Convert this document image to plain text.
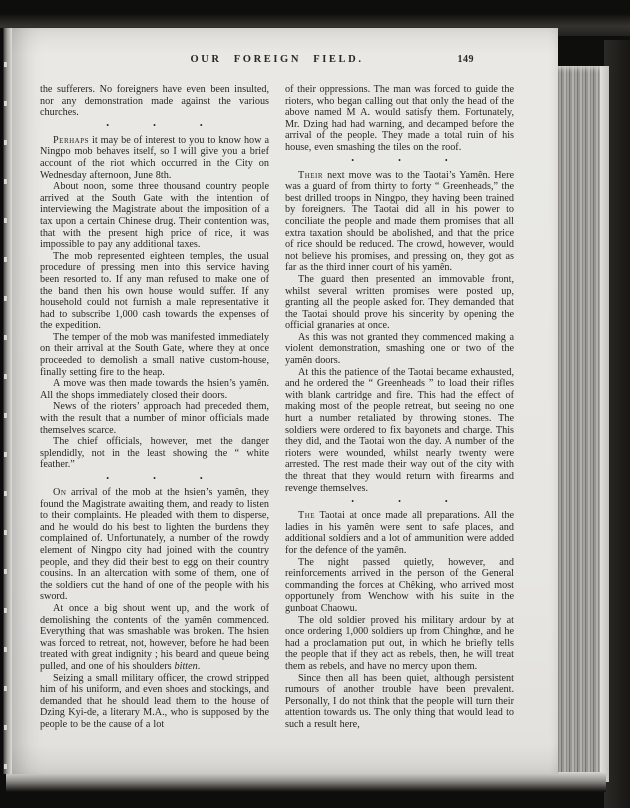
OUR FOREIGN FIELD.	149

the sufferers. No foreigners have even been insulted, nor any demonstration made against the various churches.

•	•	•

Perhaps it may be of interest to you to know how a Ningpo mob behaves itself, so I will give you a brief account of the riot which occurred in the City on Wednesday afternoon, June 8th.

About noon, some three thousand country people arrived at the South Gate with the intention of interviewing the Magistrate about the imposition of a tax upon a certain Chinese drug. Their contention was, that with the present high price of rice, it was impossible to pay any additional taxes.

The mob represented eighteen temples, the usual procedure of pressing men into this service having been resorted to. If any man refused to make one of the band then his own house would suffer. If any household could not furnish a male representative it had to subscribe 1,000 cash towards the expenses of the expedition.

The temper of the mob was manifested immediately on their arrival at the South Gate, where they at once proceeded to demolish a small native custom-house, finally setting fire to the heap.

A move was then made towards the hsien’s yamên. All the shops immediately closed their doors.

News of the rioters’ approach had preceded them, with the result that a number of minor officials made themselves scarce.

The chief officials, however, met the danger splendidly, not in the least showing the “ white feather.”

•	•	•

On arrival of the mob at the hsien’s yamên, they found the Magistrate awaiting them, and ready to listen to their complaints. He pleaded with them to disperse, and he would do his best to lighten the burdens they complained of. Unfortunately, a number of the rowdy element of Ningpo city had joined with the country people, and they did their best to egg on their country cousins. In an altercation with some of them, one of the soldiers cut the hand of one of the people with his sword.

At once a big shout went up, and the work of demolishing the contents of the yamên commenced. Everything that was smashable was broken. The hsien was forced to retreat, not, however, before he had been treated with great indignity ; his beard and queue being pulled, and one of his shoulders bitten.

Seizing a small military officer, the crowd stripped him of his uniform, and even shoes and stockings, and demanded that he should lead them to the house of Dzing Kyi-de, a literary M.A., who is supposed by the people to be the cause of a lot

of their oppressions. The man was forced to guide the rioters, who began calling out that only the head of the above named M A. would satisfy them. Fortunately, Mr. Dzing had had warning, and decamped before the arrival of the people. They made a total ruin of his house, even smashing the tiles on the roof.

•	•	•

Their next move was to the Taotai’s Yamên. Here was a guard of from thirty to forty “ Greenheads,” the best drilled troops in Ningpo, they having been trained by foreigners. The Taotai did all in his power to conciliate the people and made them promises that all extra taxation should be abolished, and that the price of rice should be reduced. The crowd, however, would not believe his promises, and pressing on, they got as far as the third inner court of his yamên.

The guard then presented an immovable front, whilst several written promises were posted up, granting all the people asked for. They demanded that the Taotai should prove his sincerity by opening the official granaries at once.

As this was not granted they commenced making a violent demonstration, smashing one or two of the yamên doors.

At this the patience of the Taotai became exhausted, and he ordered the “ Greenheads ” to load their rifles with blank cartridge and fire. This had the effect of making most of the people retreat, but seeing no one hurt a number retaliated by throwing stones. The soldiers were ordered to fix bayonets and charge. This they did, and the Taotai won the day. A number of the rioters were wounded, whilst nearly twenty were arrested. The rest made their way out of the city with the threat that they would return with firearms and revenge themselves.

•	•	•

The Taotai at once made all preparations. All the ladies in his yamên were sent to safe places, and additional soldiers and a lot of ammunition were added for the defence of the yamên.

The night passed quietly, however, and reinforcements arrived in the person of the General commanding the forces at Chêking, who arrived most opportunely from Wenchow with his suite in the gunboat Chaowu.

The old soldier proved his military ardour by at once ordering 1,000 soldiers up from Chinghœ, and he had a proclamation put out, in which he briefly tells the people that if they act as rebels, then, he will treat them as rebels, and have no mercy upon them.

Since then all has been quiet, although persistent rumours of another trouble have been prevalent. Personally, I do not think that the people will turn their attention towards us. The only thing that would lead to such a result here,
